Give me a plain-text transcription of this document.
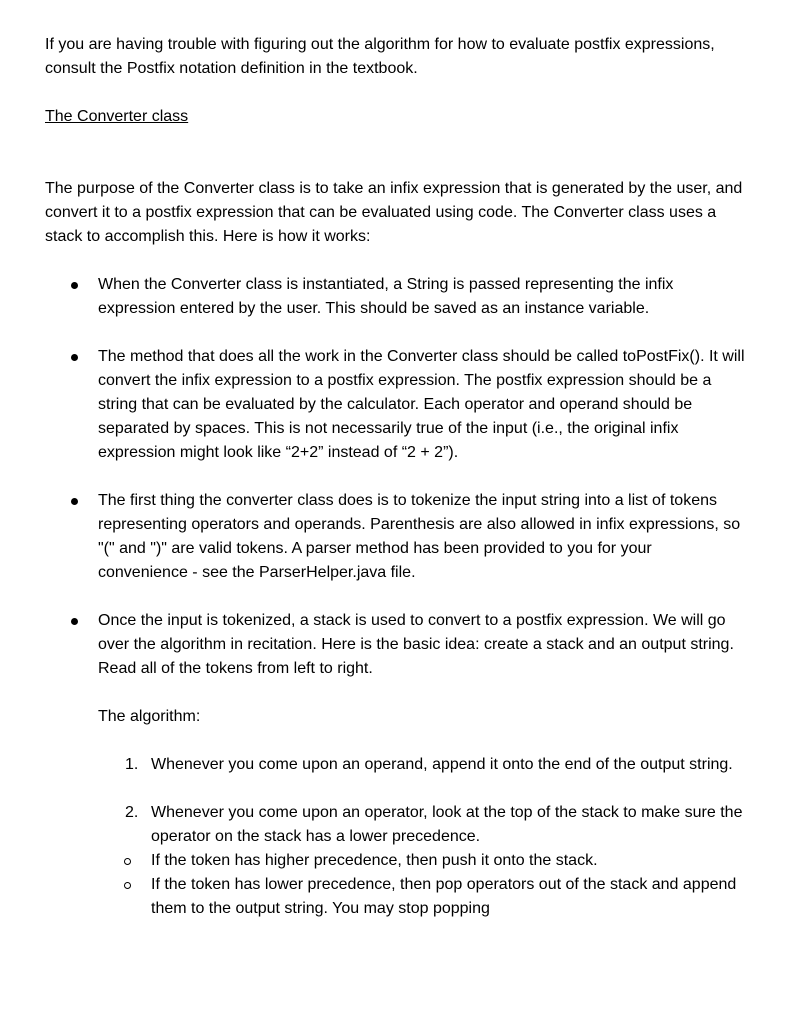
If you are having trouble with figuring out the algorithm for how to evaluate postfix expressions, consult the Postfix notation definition in the textbook.

The Converter class

The purpose of the Converter class is to take an infix expression that is generated by the user, and convert it to a postfix expression that can be evaluated using code. The Converter class uses a stack to accomplish this. Here is how it works:

When the Converter class is instantiated, a String is passed representing the infix expression entered by the user. This should be saved as an instance variable.
The method that does all the work in the Converter class should be called toPostFix(). It will convert the infix expression to a postfix expression. The postfix expression should be a string that can be evaluated by the calculator. Each operator and operand should be separated by spaces. This is not necessarily true of the input (i.e., the original infix expression might look like “2+2” instead of “2 + 2”).
The first thing the converter class does is to tokenize the input string into a list of tokens representing operators and operands. Parenthesis are also allowed in infix expressions, so "(" and ")" are valid tokens. A parser method has been provided to you for your convenience - see the ParserHelper.java file.
Once the input is tokenized, a stack is used to convert to a postfix expression. We will go over the algorithm in recitation. Here is the basic idea: create a stack and an output string. Read all of the tokens from left to right.

The algorithm:

1. Whenever you come upon an operand, append it onto the end of the output string.
2. Whenever you come upon an operator, look at the top of the stack to make sure the operator on the stack has a lower precedence.
If the token has higher precedence, then push it onto the stack.
If the token has lower precedence, then pop operators out of the stack and append them to the output string. You may stop popping
